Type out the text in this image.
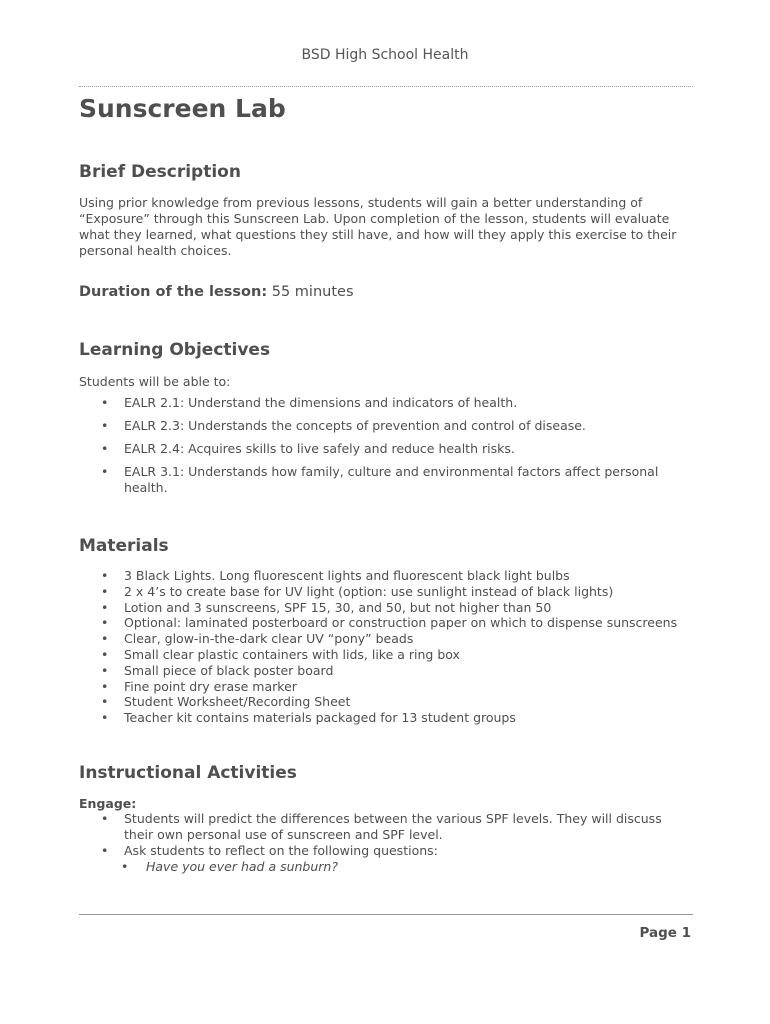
BSD High School Health
Sunscreen Lab
Brief Description

Using prior knowledge from previous lessons, students will gain a better understanding of “Exposure” through this Sunscreen Lab. Upon completion of the lesson, students will evaluate what they learned, what questions they still have, and how will they apply this exercise to their personal health choices.

Duration of the lesson: 55 minutes
Learning Objectives

Students will be able to:

• EALR 2.1: Understand the dimensions and indicators of health.
• EALR 2.3: Understands the concepts of prevention and control of disease.
• EALR 2.4: Acquires skills to live safely and reduce health risks.
• EALR 3.1: Understands how family, culture and environmental factors affect personal health.
Materials
• 3 Black Lights. Long fluorescent lights and fluorescent black light bulbs
• 2 x 4’s to create base for UV light (option: use sunlight instead of black lights)
• Lotion and 3 sunscreens, SPF 15, 30, and 50, but not higher than 50
• Optional: laminated posterboard or construction paper on which to dispense sunscreens
• Clear, glow-in-the-dark clear UV “pony” beads
• Small clear plastic containers with lids, like a ring box
• Small piece of black poster board
• Fine point dry erase marker
• Student Worksheet/Recording Sheet
• Teacher kit contains materials packaged for 13 student groups
Instructional Activities
Engage:
• Students will predict the differences between the various SPF levels. They will discuss their own personal use of sunscreen and SPF level.
• Ask students to reflect on the following questions:
• Have you ever had a sunburn?
Page 1
